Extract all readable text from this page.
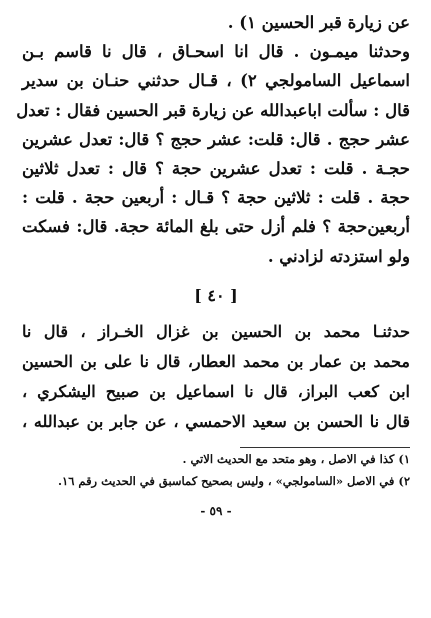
عن زيارة قبر الحسين ١) .
وحدثنا ميمـون . قال انا اسحـاق ، قال نا قاسم بـن
اسماعيل السامولجي ٢) ، قـال حدثني حنـان بن سدير
قال : سألت اباعبدالله عن زيارة قبر الحسين فقال : تعدل
عشر حجج . قال: قلت: عشر حجج ؟ قال: تعدل عشرين
حجـة . قلت : تعدل عشرين حجة ؟ قال : تعدل ثلاثين
حجة . قلت : ثلاثين حجة ؟ قـال : أربعين حجة . قلت :
أربعين‌حجة ؟ فلم أزل حتى بلغ المائة حجة. قال: فسكت
ولو استزدته لزادني .
[ ٤٠ ]
حدثنـا محمد بن الحسين بن غزال الخـراز ، قال نا
محمد بن عمار بن محمد العطار، قال نا على بن الحسين
ابن كعب البراز، قال نا اسماعيل بن صبيح اليشكري ،
قال نا الحسن بن سعيد الاحمسي ، عن جابر بن عبدالله ،
١) كذا في الاصل ، وهو متحد مع الحديث الاتي .
٢) في الاصل «السامولجي» ، وليس بصحيح كماسبق في الحديث رقم ١٦.
- ٥٩ -
